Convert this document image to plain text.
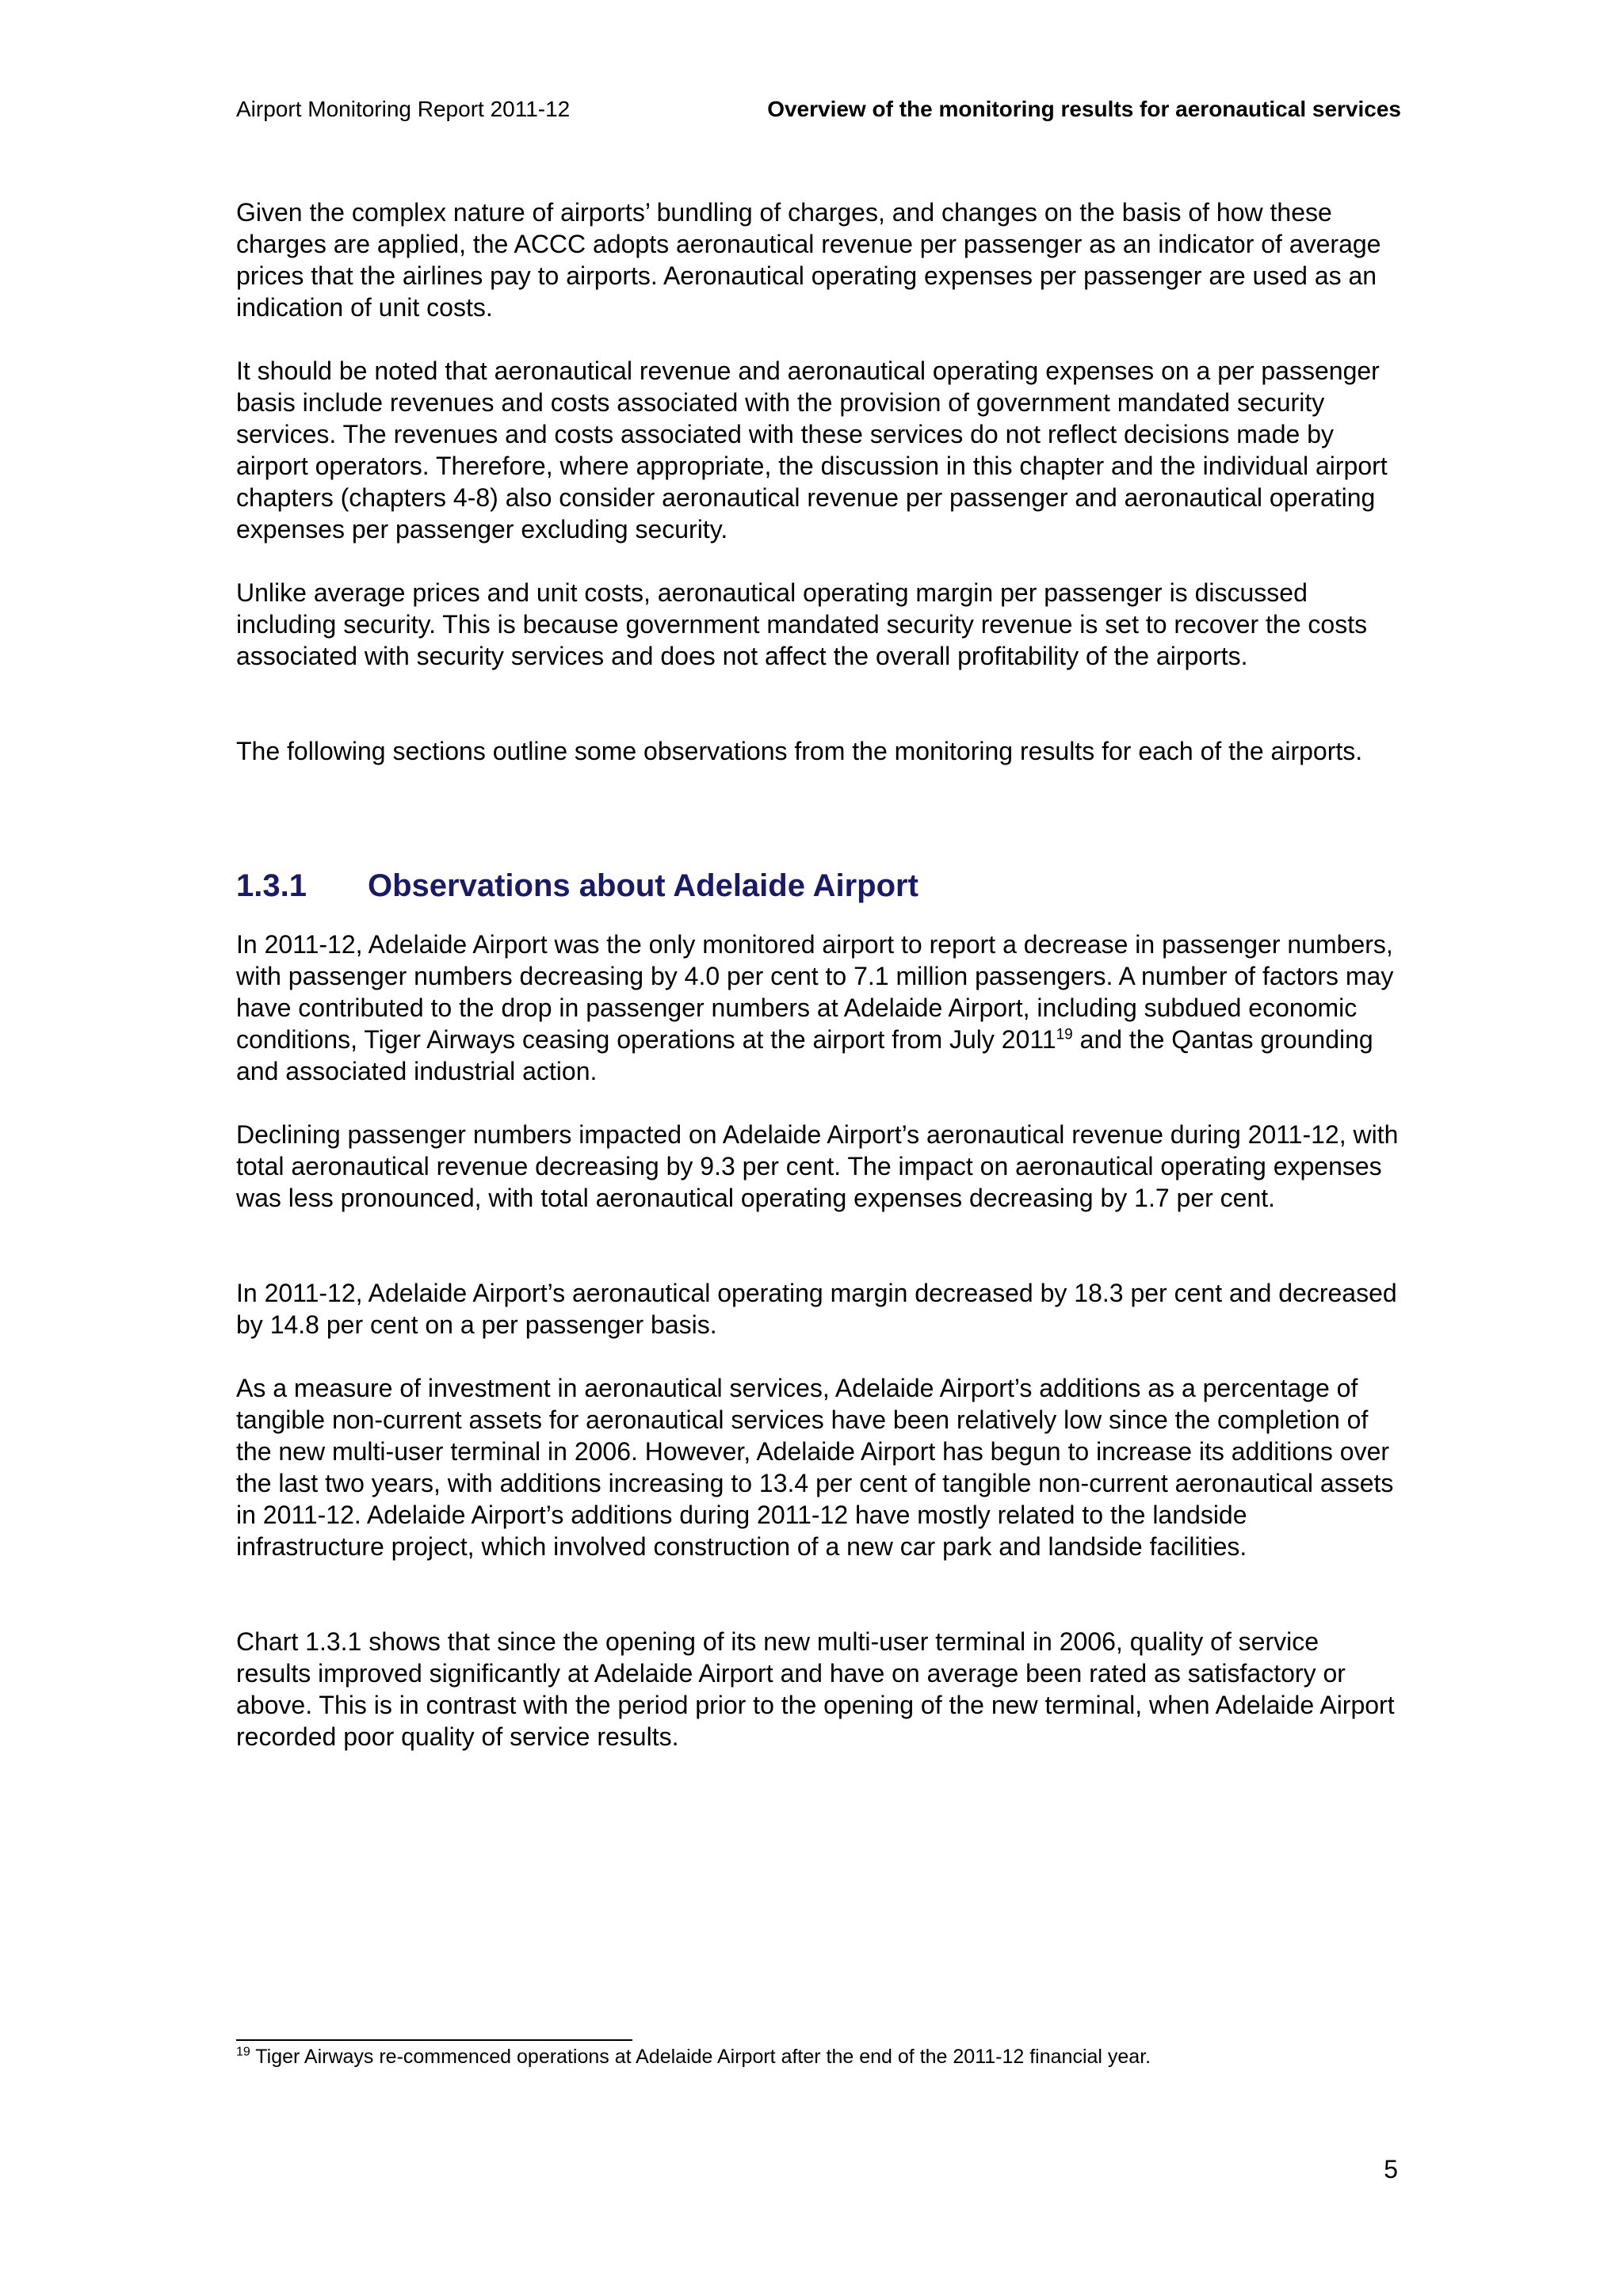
Airport Monitoring Report 2011-12	Overview of the monitoring results for aeronautical services

Given the complex nature of airports’ bundling of charges, and changes on the basis of how these charges are applied, the ACCC adopts aeronautical revenue per passenger as an indicator of average prices that the airlines pay to airports. Aeronautical operating expenses per passenger are used as an indication of unit costs.

It should be noted that aeronautical revenue and aeronautical operating expenses on a per passenger basis include revenues and costs associated with the provision of government mandated security services. The revenues and costs associated with these services do not reflect decisions made by airport operators. Therefore, where appropriate, the discussion in this chapter and the individual airport chapters (chapters 4-8) also consider aeronautical revenue per passenger and aeronautical operating expenses per passenger excluding security.

Unlike average prices and unit costs, aeronautical operating margin per passenger is discussed including security. This is because government mandated security revenue is set to recover the costs associated with security services and does not affect the overall profitability of the airports.

The following sections outline some observations from the monitoring results for each of the airports.

1.3.1	Observations about Adelaide Airport

In 2011-12, Adelaide Airport was the only monitored airport to report a decrease in passenger numbers, with passenger numbers decreasing by 4.0 per cent to 7.1 million passengers. A number of factors may have contributed to the drop in passenger numbers at Adelaide Airport, including subdued economic conditions, Tiger Airways ceasing operations at the airport from July 2011$^{19}$ and the Qantas grounding and associated industrial action.

Declining passenger numbers impacted on Adelaide Airport’s aeronautical revenue during 2011-12, with total aeronautical revenue decreasing by 9.3 per cent. The impact on aeronautical operating expenses was less pronounced, with total aeronautical operating expenses decreasing by 1.7 per cent.

In 2011-12, Adelaide Airport’s aeronautical operating margin decreased by 18.3 per cent and decreased by 14.8 per cent on a per passenger basis.

As a measure of investment in aeronautical services, Adelaide Airport’s additions as a percentage of tangible non-current assets for aeronautical services have been relatively low since the completion of the new multi-user terminal in 2006. However, Adelaide Airport has begun to increase its additions over the last two years, with additions increasing to 13.4 per cent of tangible non-current aeronautical assets in 2011-12. Adelaide Airport’s additions during 2011-12 have mostly related to the landside infrastructure project, which involved construction of a new car park and landside facilities.

Chart 1.3.1 shows that since the opening of its new multi-user terminal in 2006, quality of service results improved significantly at Adelaide Airport and have on average been rated as satisfactory or above. This is in contrast with the period prior to the opening of the new terminal, when Adelaide Airport recorded poor quality of service results.

$^{19}$ Tiger Airways re-commenced operations at Adelaide Airport after the end of the 2011-12 financial year.
5
